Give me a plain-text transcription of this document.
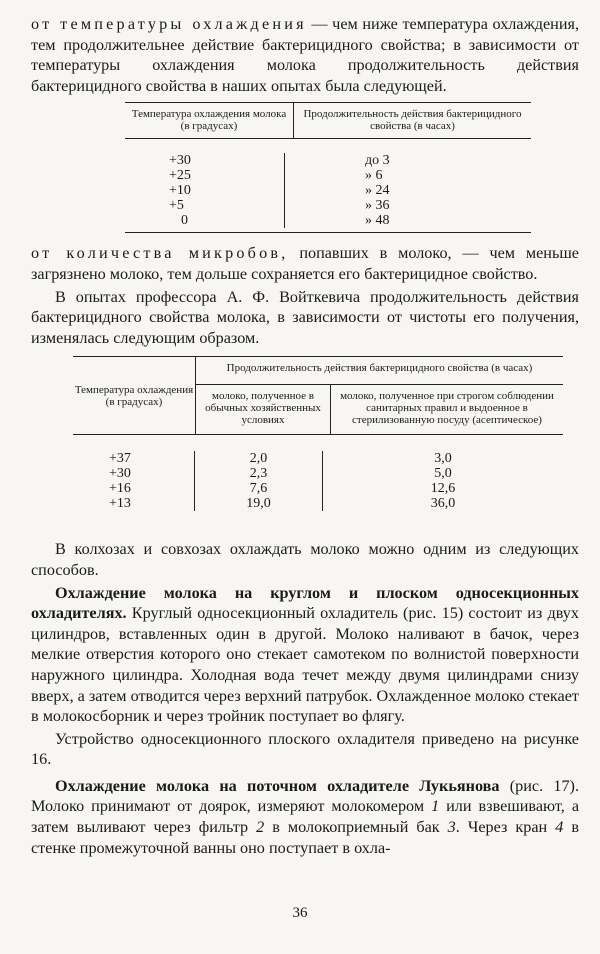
от температуры охлаждения — чем ниже температура охлаждения, тем продолжительнее действие бактерицидного свойства; в зависимости от температуры охлаждения молока продолжительность действия бактерицидного свойства в наших опытах была следующей.

Температура охлаждения молока (в градусах)
Продолжительность действия бактерицидного свойства (в часах)
+30
+25
+10
+5
0
до 3
» 6
» 24
» 36
» 48

от количества микробов, попавших в молоко, — чем меньше загрязнено молоко, тем дольше сохраняется его бактерицидное свойство.

В опытах профессора А. Ф. Войткевича продолжительность действия бактерицидного свойства молока, в зависимости от чистоты его получения, изменялась следующим образом.

Температура охлаждения (в градусах)
Продолжительность действия бактерицидного свойства (в часах)
молоко, полученное в обычных хозяйственных условиях
молоко, полученное при строгом соблюдении санитарных правил и выдоенное в стерилизованную посуду (асептическое)
+37
+30
+16
+13
2,0
2,3
7,6
19,0
3,0
5,0
12,6
36,0

В колхозах и совхозах охлаждать молоко можно одним из следующих способов.

Охлаждение молока на круглом и плоском односекционных охладителях. Круглый односекционный охладитель (рис. 15) состоит из двух цилиндров, вставленных один в другой. Молоко наливают в бачок, через мелкие отверстия которого оно стекает самотеком по волнистой поверхности наружного цилиндра. Холодная вода течет между двумя цилиндрами снизу вверх, а затем отводится через верхний патрубок. Охлажденное молоко стекает в молокосборник и через тройник поступает во флягу.

Устройство односекционного плоского охладителя приведено на рисунке 16.

Охлаждение молока на поточном охладителе Лукьянова (рис. 17). Молоко принимают от доярок, измеряют молокомером 1 или взвешивают, а затем выливают через фильтр 2 в молокоприемный бак 3. Через кран 4 в стенке промежуточной ванны оно поступает в охла-

36
